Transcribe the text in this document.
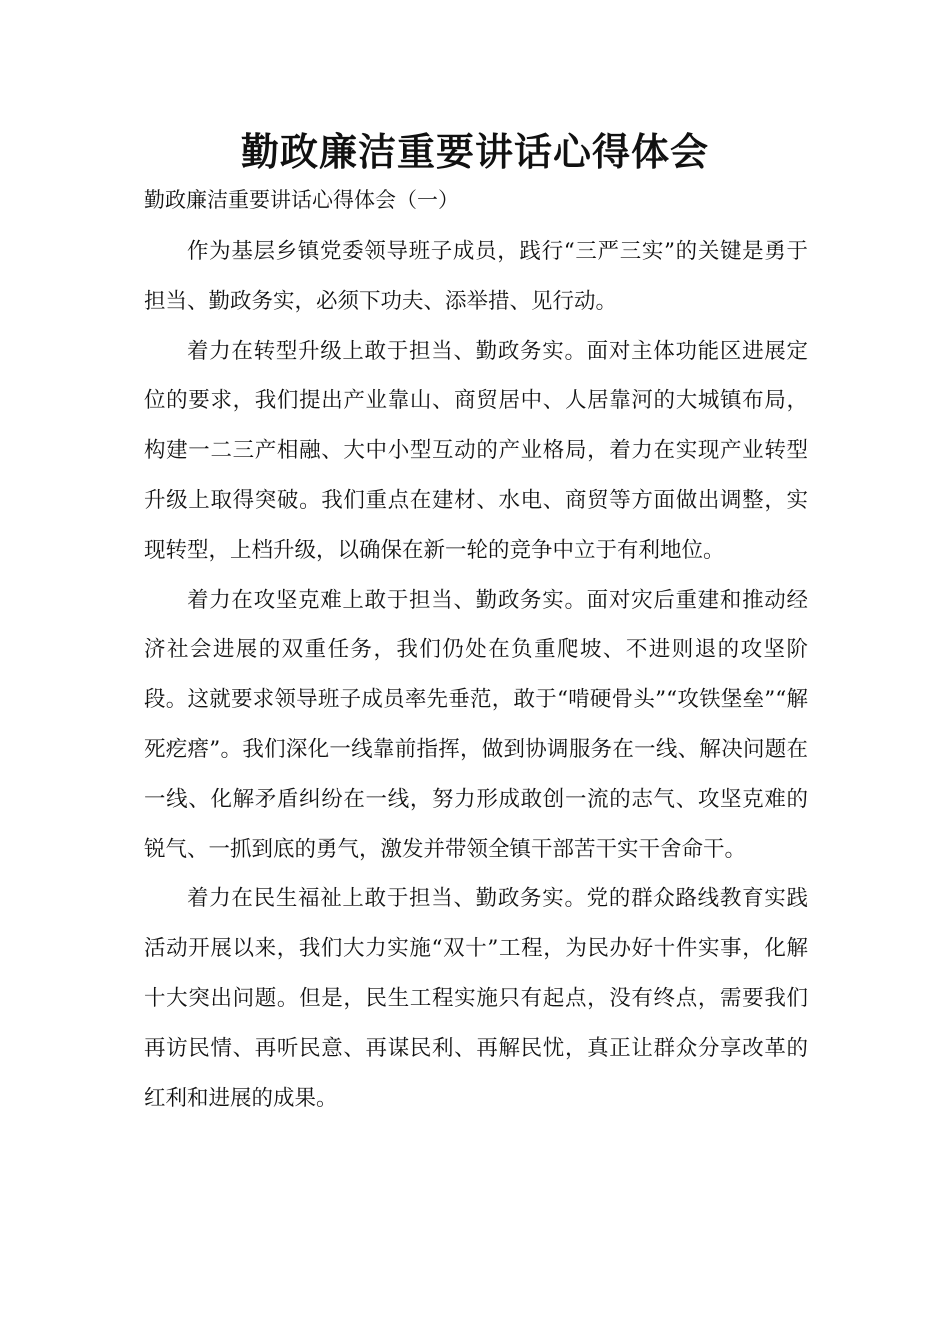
勤政廉洁重要讲话心得体会

勤政廉洁重要讲话心得体会（一）

作为基层乡镇党委领导班子成员，践行“三严三实”的关键是勇于担当、勤政务实，必须下功夫、添举措、见行动。

着力在转型升级上敢于担当、勤政务实。面对主体功能区进展定位的要求，我们提出产业靠山、商贸居中、人居靠河的大城镇布局，构建一二三产相融、大中小型互动的产业格局，着力在实现产业转型升级上取得突破。我们重点在建材、水电、商贸等方面做出调整，实现转型，上档升级，以确保在新一轮的竞争中立于有利地位。

着力在攻坚克难上敢于担当、勤政务实。面对灾后重建和推动经济社会进展的双重任务，我们仍处在负重爬坡、不进则退的攻坚阶段。这就要求领导班子成员率先垂范，敢于“啃硬骨头”“攻铁堡垒”“解死疙瘩”。我们深化一线靠前指挥，做到协调服务在一线、解决问题在一线、化解矛盾纠纷在一线，努力形成敢创一流的志气、攻坚克难的锐气、一抓到底的勇气，激发并带领全镇干部苦干实干舍命干。

着力在民生福祉上敢于担当、勤政务实。党的群众路线教育实践活动开展以来，我们大力实施“双十”工程，为民办好十件实事，化解十大突出问题。但是，民生工程实施只有起点，没有终点，需要我们再访民情、再听民意、再谋民利、再解民忧，真正让群众分享改革的红利和进展的成果。
